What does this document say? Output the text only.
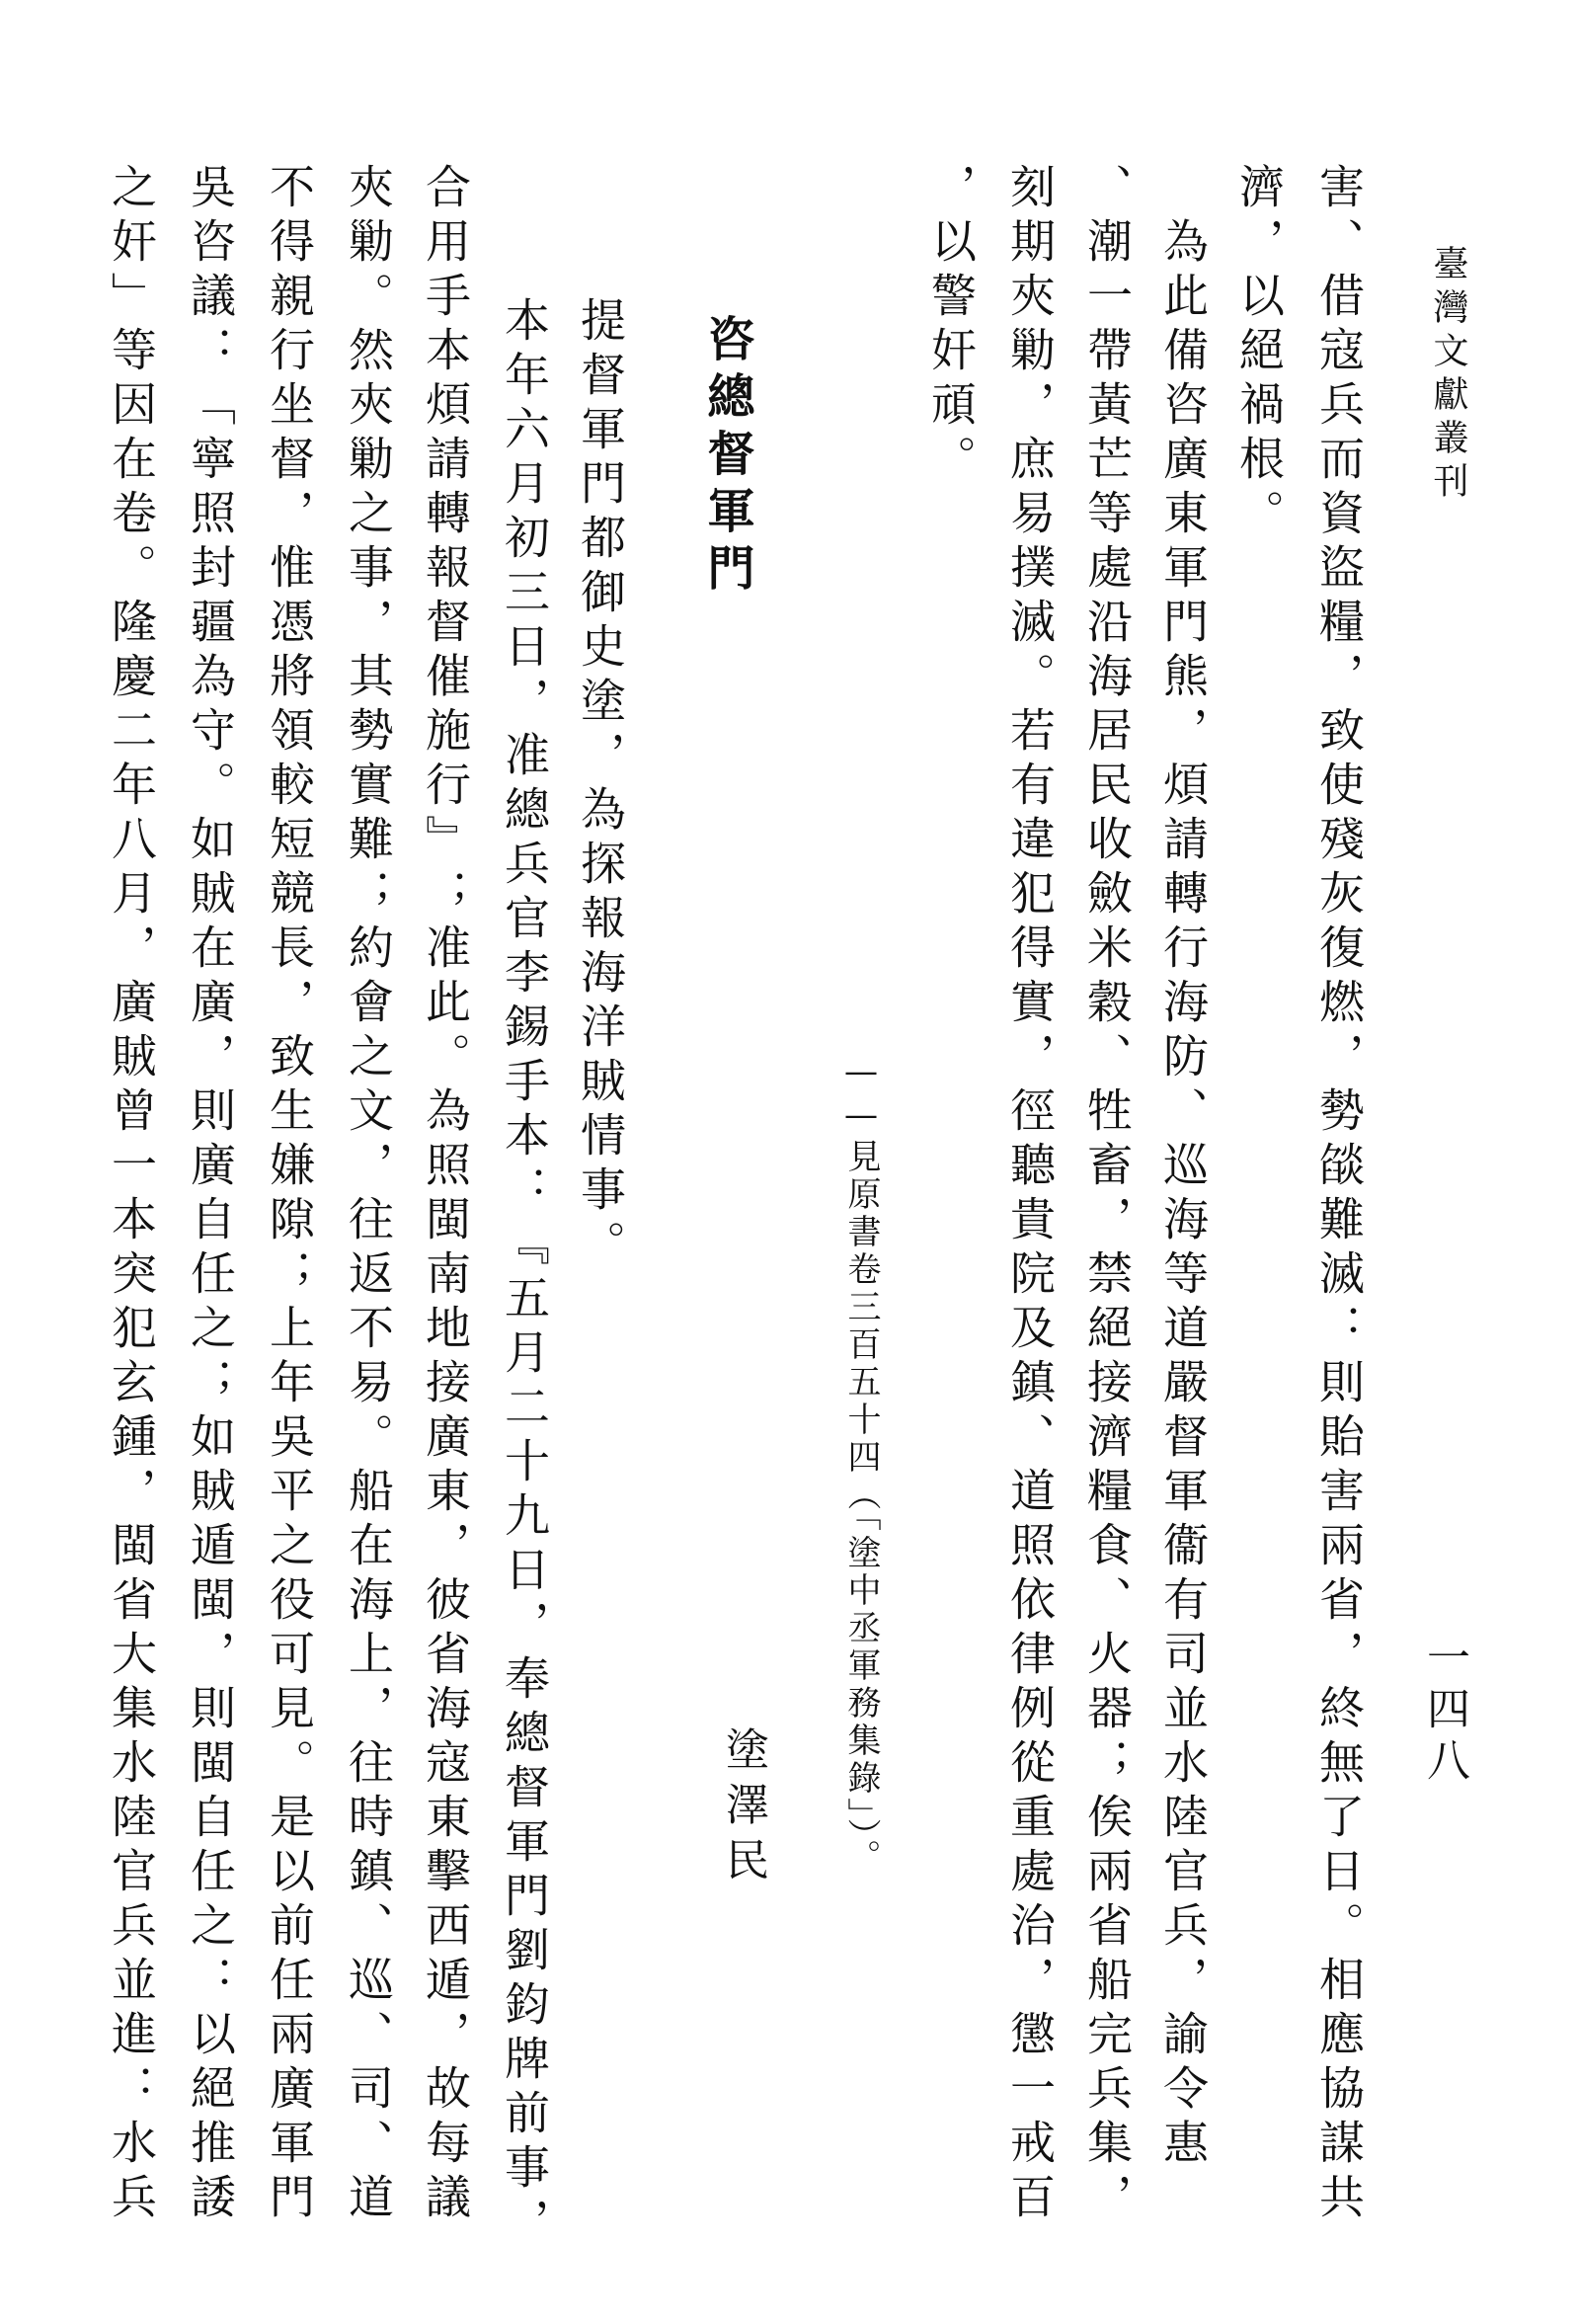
臺灣文獻叢刊
一四八

害、借寇兵而資盜糧，致使殘灰復燃，勢燄難滅：則貽害兩省，終無了日。相應協謀共

濟，以絕禍根。

　為此備咨廣東軍門熊，煩請轉行海防、巡海等道嚴督軍衞有司並水陸官兵，諭令惠

、潮一帶黃芒等處沿海居民收斂米穀、牲畜，禁絕接濟糧食、火器；俟兩省船完兵集，

刻期夾勦，庶易撲滅。若有違犯得實，徑聽貴院及鎮、道照依律例從重處治，懲一戒百

，以警奸頑。

——見原書卷三百五十四（「塗中丞軍務集錄」）。

塗澤民

咨總督軍門

　提督軍門都御史塗，為探報海洋賊情事。

　本年六月初三日，准總兵官李錫手本：『五月二十九日，奉總督軍門劉鈞牌前事，

合用手本煩請轉報督催施行』；准此。為照閩南地接廣東，彼省海寇東擊西遁，故每議

夾勦。然夾勦之事，其勢實難；約會之文，往返不易。船在海上，往時鎮、巡、司、道

不得親行坐督，惟憑將領較短競長，致生嫌隙；上年吳平之役可見。是以前任兩廣軍門

吳咨議：「寧照封疆為守。如賊在廣，則廣自任之；如賊遁閩，則閩自任之：以絕推諉

之奸」等因在卷。隆慶二年八月，廣賊曾一本突犯玄鍾，閩省大集水陸官兵並進：水兵
